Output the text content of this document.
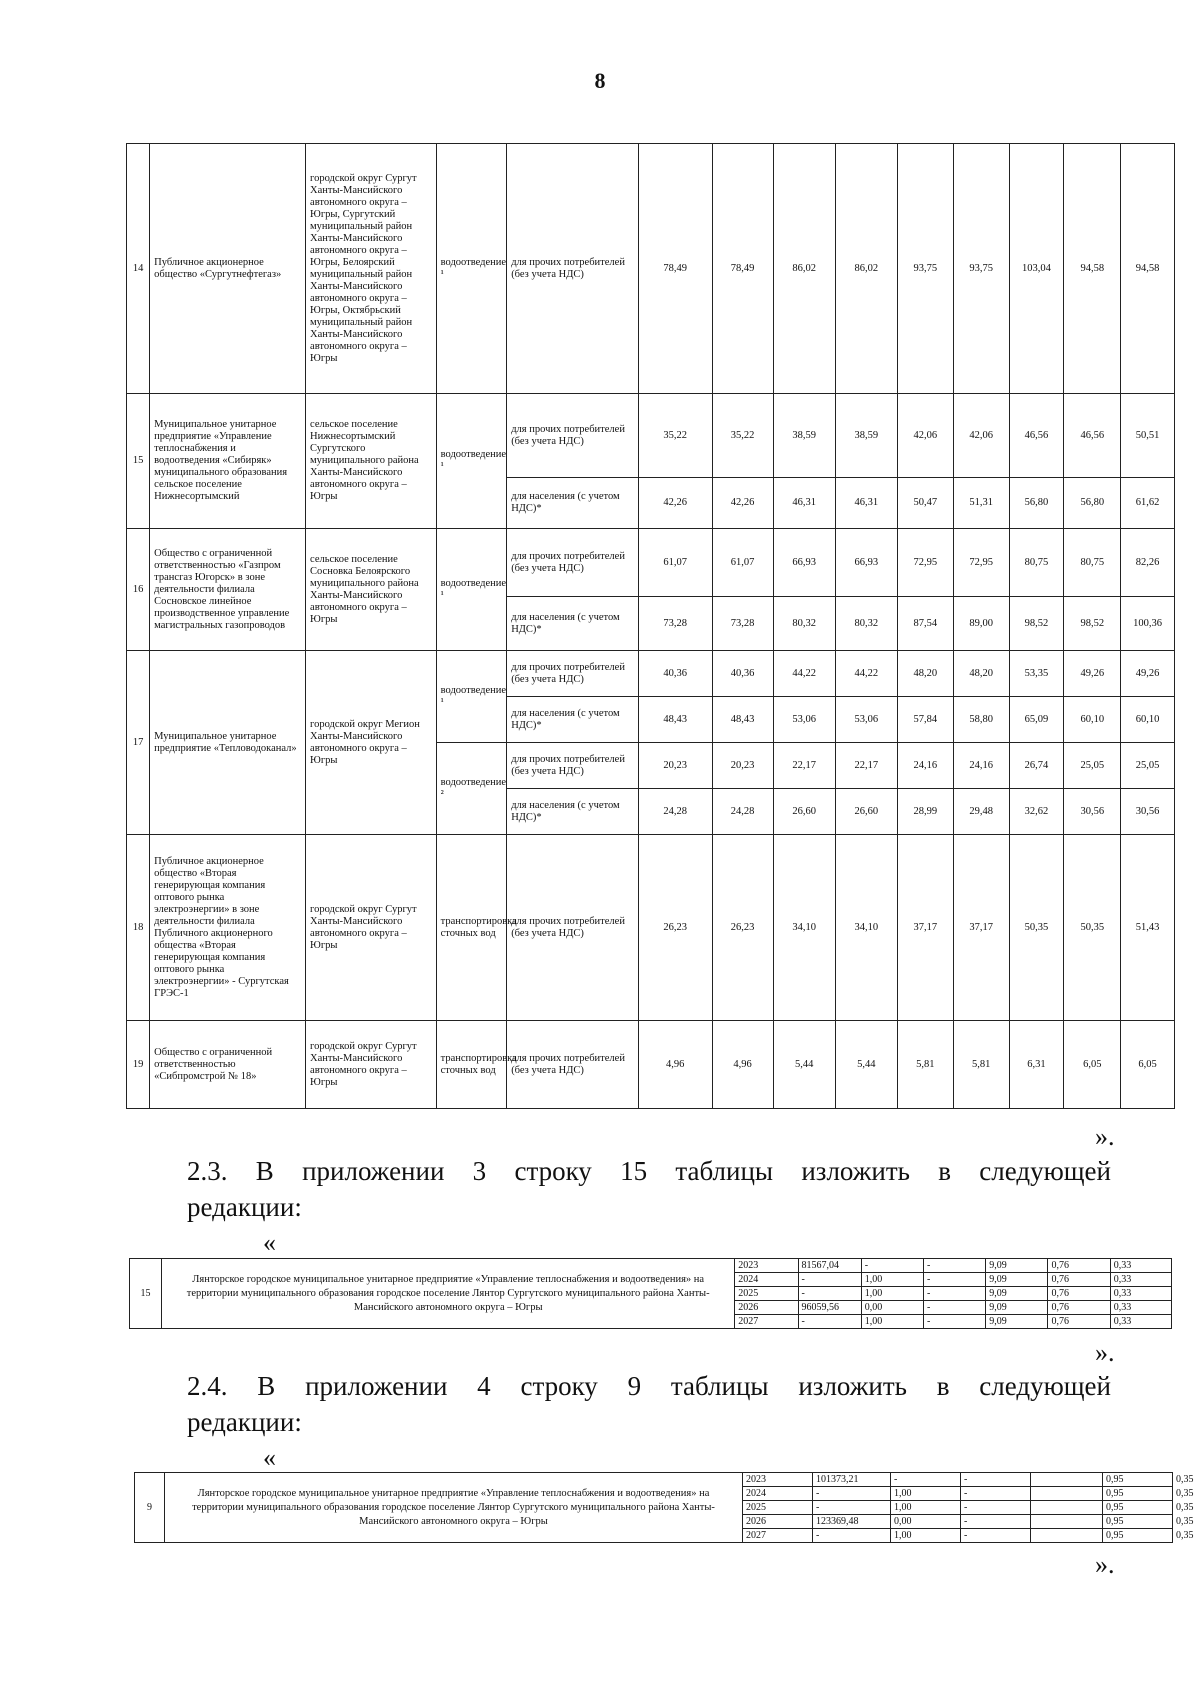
8
14	Публичное акционерное общество «Сургутнефтегаз»	городской округ Сургут Ханты-Мансийского автономного округа – Югры, Сургутский муниципальный район Ханты-Мансийского автономного округа – Югры, Белоярский муниципальный район Ханты-Мансийского автономного округа – Югры, Октябрьский муниципальный район Ханты-Мансийского автономного округа – Югры	водоотведение ¹	для прочих потребителей (без учета НДС)	78,49	78,49	86,02	86,02	93,75	93,75	103,04	94,58	94,58
15	Муниципальное унитарное предприятие «Управление теплоснабжения и водоотведения «Сибиряк» муниципального образования сельское поселение Нижнесортымский	сельское поселение Нижнесортымский Сургутского муниципального района Ханты-Мансийского автономного округа – Югры	водоотведение ¹	для прочих потребителей (без учета НДС)	35,22	35,22	38,59	38,59	42,06	42,06	46,56	46,56	50,51
				для населения (с учетом НДС)*	42,26	42,26	46,31	46,31	50,47	51,31	56,80	56,80	61,62
16	Общество с ограниченной ответственностью «Газпром трансгаз Югорск» в зоне деятельности филиала Сосновское линейное производственное управление магистральных газопроводов	сельское поселение Сосновка Белоярского муниципального района Ханты-Мансийского автономного округа – Югры	водоотведение ¹	для прочих потребителей (без учета НДС)	61,07	61,07	66,93	66,93	72,95	72,95	80,75	80,75	82,26
				для населения (с учетом НДС)*	73,28	73,28	80,32	80,32	87,54	89,00	98,52	98,52	100,36
17	Муниципальное унитарное предприятие «Тепловодоканал»	городской округ Мегион Ханты-Мансийского автономного округа – Югры	водоотведение ¹	для прочих потребителей (без учета НДС)	40,36	40,36	44,22	44,22	48,20	48,20	53,35	49,26	49,26
				для населения (с учетом НДС)*	48,43	48,43	53,06	53,06	57,84	58,80	65,09	60,10	60,10
			водоотведение ²	для прочих потребителей (без учета НДС)	20,23	20,23	22,17	22,17	24,16	24,16	26,74	25,05	25,05
				для населения (с учетом НДС)*	24,28	24,28	26,60	26,60	28,99	29,48	32,62	30,56	30,56
18	Публичное акционерное общество «Вторая генерирующая компания оптового рынка электроэнергии» в зоне деятельности филиала Публичного акционерного общества «Вторая генерирующая компания оптового рынка электроэнергии» - Сургутская ГРЭС-1	городской округ Сургут Ханты-Мансийского автономного округа – Югры	транспортировка сточных вод	для прочих потребителей (без учета НДС)	26,23	26,23	34,10	34,10	37,17	37,17	50,35	50,35	51,43
19	Общество с ограниченной ответственностью «Сибпромстрой № 18»	городской округ Сургут Ханты-Мансийского автономного округа – Югры	транспортировка сточных вод	для прочих потребителей (без учета НДС)	4,96	4,96	5,44	5,44	5,81	5,81	6,31	6,05	6,05
».
2.3. В приложении 3 строку 15 таблицы изложить в следующей
редакции:
«
15	Лянторское городское муниципальное унитарное предприятие «Управление теплоснабжения и водоотведения» на территории муниципального образования городское поселение Лянтор Сургутского муниципального района Ханты-Мансийского автономного округа – Югры	2023	81567,04	-	-	9,09	0,76	0,33
		2024	-	1,00	-	9,09	0,76	0,33
		2025	-	1,00	-	9,09	0,76	0,33
		2026	96059,56	0,00	-	9,09	0,76	0,33
		2027	-	1,00	-	9,09	0,76	0,33
».
2.4. В приложении 4 строку 9 таблицы изложить в следующей
редакции:
«
9	Лянторское городское муниципальное унитарное предприятие «Управление теплоснабжения и водоотведения» на территории муниципального образования городское поселение Лянтор Сургутского муниципального района Ханты-Мансийского автономного округа – Югры	2023	101373,21	-	-		0,95	0,35
		2024	-	1,00	-		0,95	0,35
		2025	-	1,00	-		0,95	0,35
		2026	123369,48	0,00	-		0,95	0,35
		2027	-	1,00	-		0,95	0,35
».
